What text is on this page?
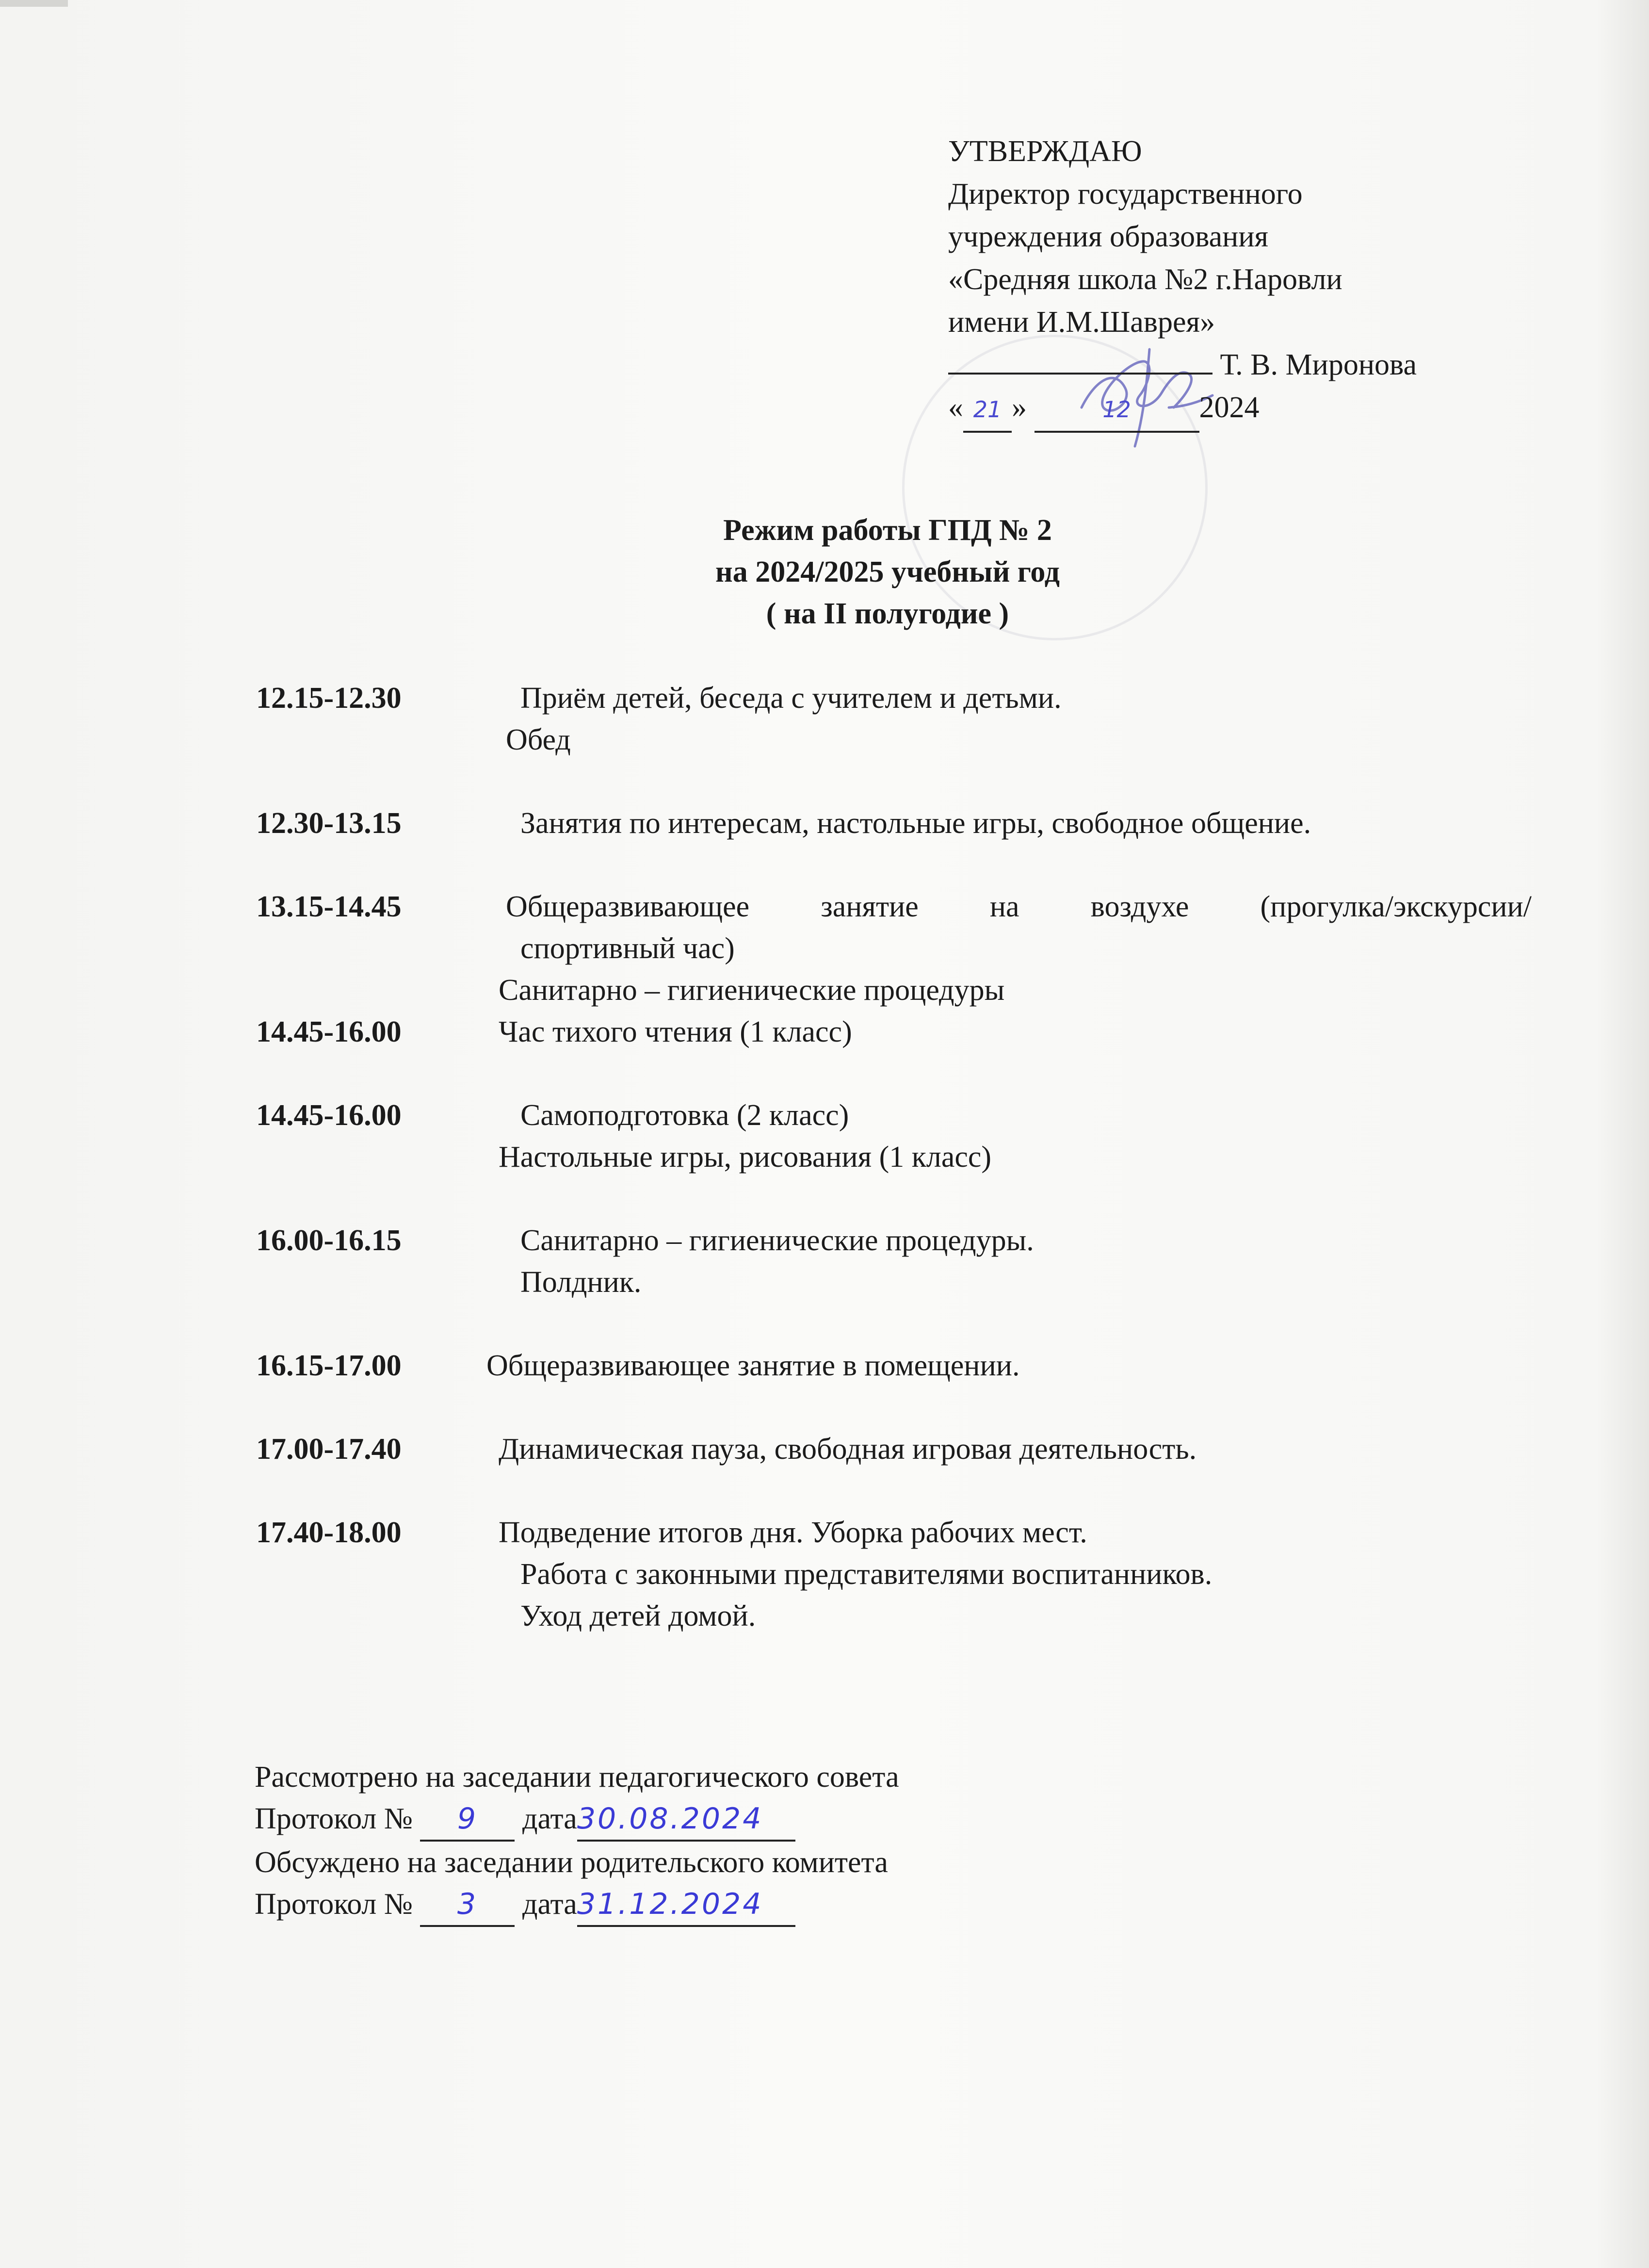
УТВЕРЖДАЮ
Директор государственного
учреждения образования
«Средняя школа №2 г.Наровли
имени И.М.Шаврея»
Т. В. Миронова
« 21 »	12 2024
Режим работы ГПД № 2
на 2024/2025 учебный год
( на II полугодие )
12.15-12.30	Приём детей, беседа с учителем и детьми.
Обед
12.30-13.15	Занятия по интересам, настольные игры, свободное общение.
13.15-14.45	Общеразвивающее занятие на воздухе (прогулка/экскурсии/
спортивный час)
Санитарно – гигиенические процедуры
14.45-16.00	Час тихого чтения (1 класс)
14.45-16.00	Самоподготовка (2 класс)
Настольные игры, рисования (1 класс)
16.00-16.15	Санитарно – гигиенические процедуры.
Полдник.
16.15-17.00	Общеразвивающее занятие в помещении.
17.00-17.40	Динамическая пауза, свободная игровая деятельность.
17.40-18.00	Подведение итогов дня. Уборка рабочих мест.
Работа с законными представителями воспитанников.
Уход детей домой.
Рассмотрено на заседании педагогического совета
Протокол № 9 дата30.08.2024
Обсуждено на заседании родительского комитета
Протокол № 3 дата31.12.2024
